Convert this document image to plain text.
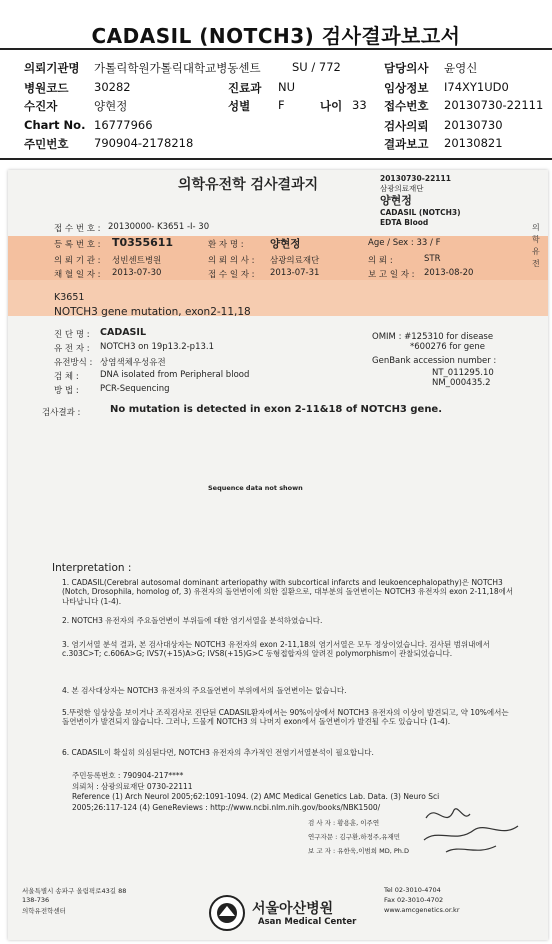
CADASIL (NOTCH3) 검사결과보고서
의뢰기관명 가톨릭학원가톨릭대학교병동센트	SU / 772	담당의사 윤영신
병원코드 30282	진료과 NU	임상정보 I74XY1UD0
수진자	양현정	성별 F	나이 33 접수번호 20130730-22111
Chart No. 16777966	검사의뢰 20130730
주민번호 790904-2178218	결과보고 20130821
의학유전학 검사결과지	20130730-22111
삼광의료재단
양현정
CADASIL (NOTCH3)
EDTA Blood
의학유전
접 수 번 호 : 20130000- K3651 -I- 30
등 록 번 호 : T0355611	환 자 명 :	양현정	Age / Sex : 33 / F
의 뢰 기 관 : 성빈센트병원	의 뢰 의 사 : 삼광의료재단	의 뢰 :	STR
채 혈 일 자 : 2013-07-30	접 수 일 자 : 2013-07-31	보 고 일 자 : 2013-08-20
K3651
NOTCH3 gene mutation, exon2-11,18
진 단 명 : CADASIL
유 전 자 : NOTCH3 on 19p13.2-p13.1
유전방식 : 상염색체우성유전
검 체 :	DNA isolated from Peripheral blood
방 법 :	PCR-Sequencing
OMIM : #125310 for disease
*600276 for gene
GenBank accession number :
NT_011295.10
NM_000435.2
검사결과 :	No mutation is detected in exon 2-11&18 of NOTCH3 gene.
Sequence data not shown
Interpretation :
1. CADASIL(Cerebral autosomal dominant arteriopathy with subcortical infarcts and leukoencephalopathy)은 NOTCH3 (Notch, Drosophila, homolog of, 3) 유전자의 돌연변이에 의한 질환으로, 대부분의 돌연변이는 NOTCH3 유전자의 exon 2-11,18에서 나타납니다 (1-4).
2. NOTCH3 유전자의 주요돌연변이 부위들에 대한 염기서열을 분석하였습니다.
3. 염기서열 분석 결과, 본 검사대상자는 NOTCH3 유전자의 exon 2-11,18의 염기서열은 모두 정상이었습니다. 검사된 범위내에서 c.303C>T; c.606A>G; IVS7(+15)A>G; IVS8(+15)G>C 동형접합자의 알려진 polymorphism이 관찰되었습니다.
4. 본 검사대상자는 NOTCH3 유전자의 주요돌연변이 부위에서의 돌연변이는 없습니다.
5.뚜렷한 임상상을 보이거나 조직검사로 진단된 CADASIL환자에서는 90%이상에서 NOTCH3 유전자의 이상이 발견되고, 약 10%에서는 돌연변이가 발견되지 않습니다. 그러나, 드물게 NOTCH3 의 나머지 exon에서 돌연변이가 발견될 수도 있습니다 (1-4).
6. CADASIL이 확실히 의심된다면, NOTCH3 유전자의 추가적인 전염기서열분석이 필요합니다.
주민등록번호 : 790904-217****
의뢰처 : 삼광의료재단 0730-22111
Reference (1) Arch Neurol 2005;62:1091-1094. (2) AMC Medical Genetics Lab. Data. (3) Neuro Sci
2005;26:117-124 (4) GeneReviews : http://www.ncbi.nlm.nih.gov/books/NBK1500/
검 사 자 : 황용훈, 이주연
연구자문 : 김구환,하정주,유재민
보 고 자 : 유한욱,이범희 MD, Ph.D
서울특별시 송파구 올림픽로43길 88
138-736
의학유전학센터	서울아산병원
Asan Medical Center
Tel 02-3010-4704
Fax 02-3010-4702
www.amcgenetics.or.kr
